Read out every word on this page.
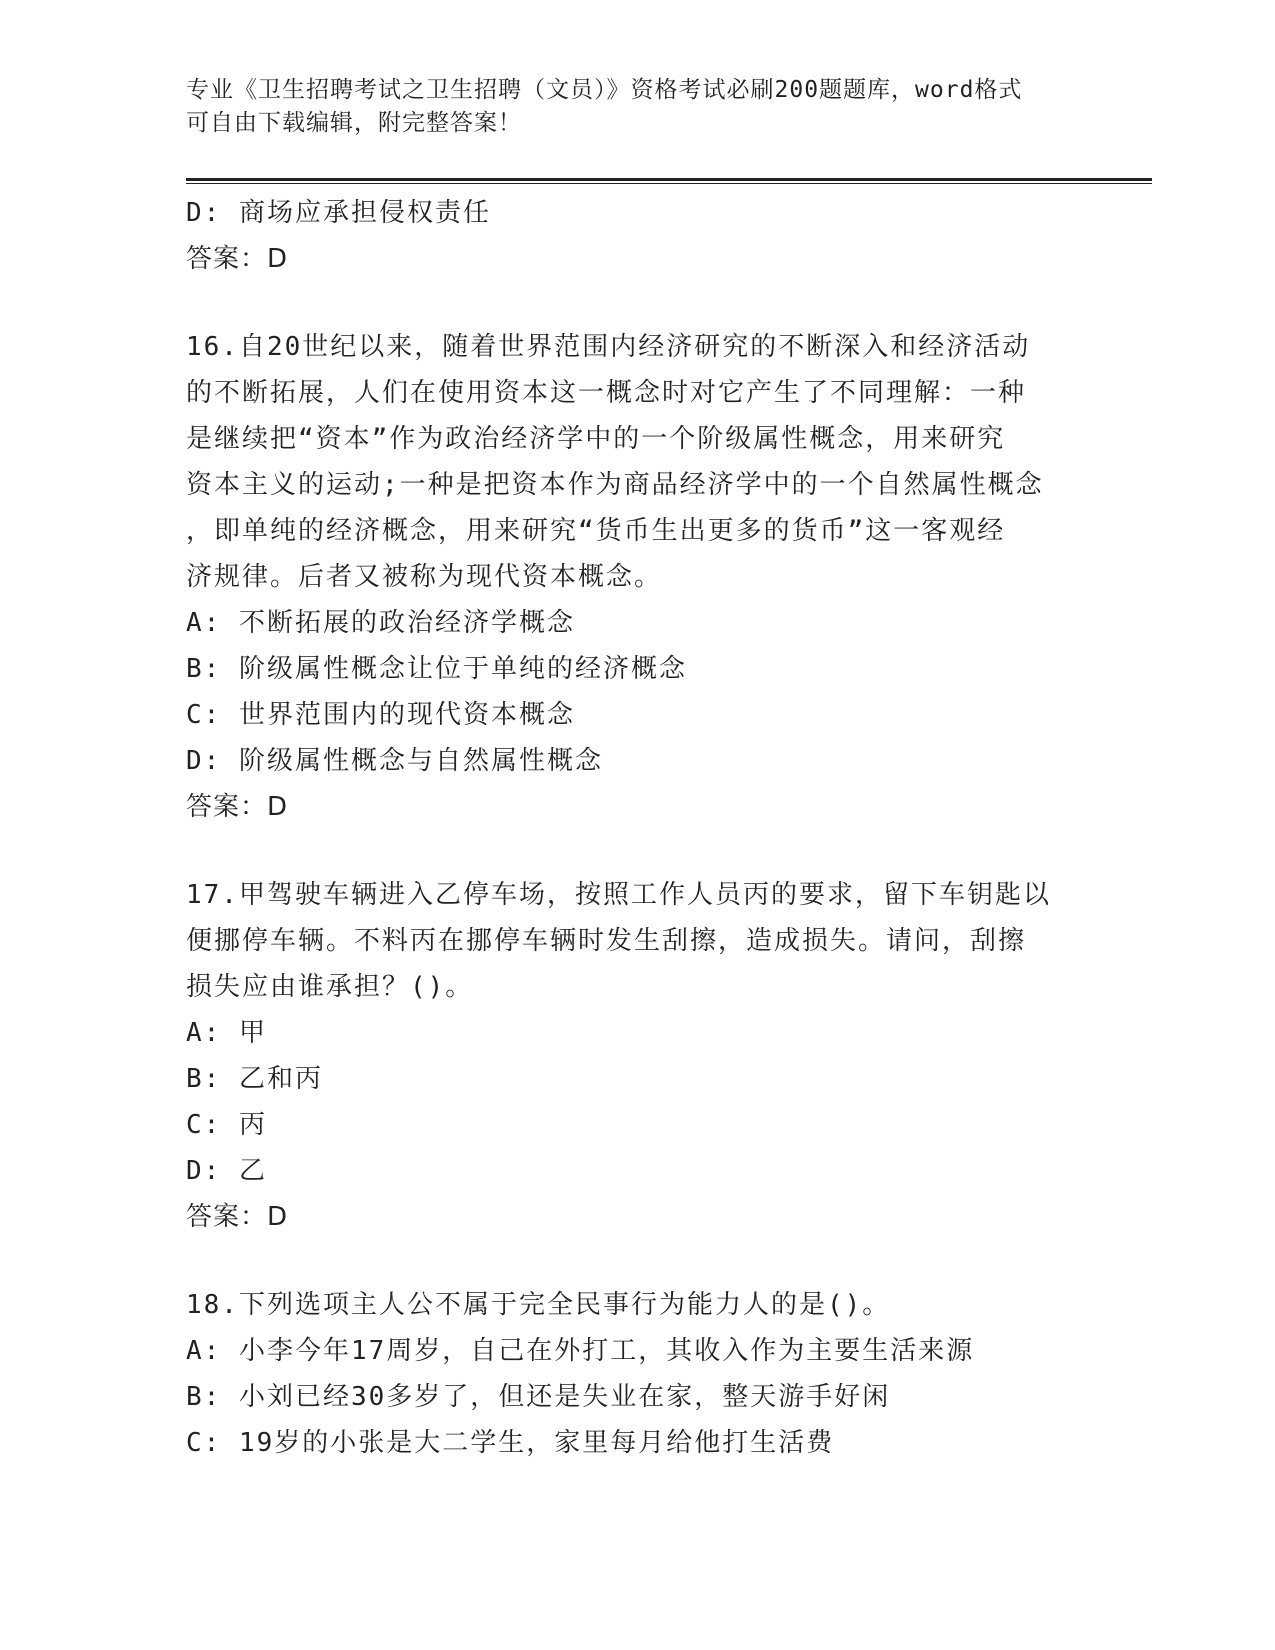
专业《卫生招聘考试之卫生招聘（文员）》资格考试必刷200题题库，word格式
可自由下载编辑，附完整答案！
D: 商场应承担侵权责任
答案：D
16.自20世纪以来，随着世界范围内经济研究的不断深入和经济活动
的不断拓展，人们在使用资本这一概念时对它产生了不同理解：一种
是继续把“资本”作为政治经济学中的一个阶级属性概念，用来研究
资本主义的运动;一种是把资本作为商品经济学中的一个自然属性概念
，即单纯的经济概念，用来研究“货币生出更多的货币”这一客观经
济规律。后者又被称为现代资本概念。
A: 不断拓展的政治经济学概念
B: 阶级属性概念让位于单纯的经济概念
C: 世界范围内的现代资本概念
D: 阶级属性概念与自然属性概念
答案：D
17.甲驾驶车辆进入乙停车场，按照工作人员丙的要求，留下车钥匙以
便挪停车辆。不料丙在挪停车辆时发生刮擦，造成损失。请问，刮擦
损失应由谁承担？()。
A: 甲
B: 乙和丙
C: 丙
D: 乙
答案：D
18.下列选项主人公不属于完全民事行为能力人的是()。
A: 小李今年17周岁，自己在外打工，其收入作为主要生活来源
B: 小刘已经30多岁了，但还是失业在家，整天游手好闲
C: 19岁的小张是大二学生，家里每月给他打生活费
